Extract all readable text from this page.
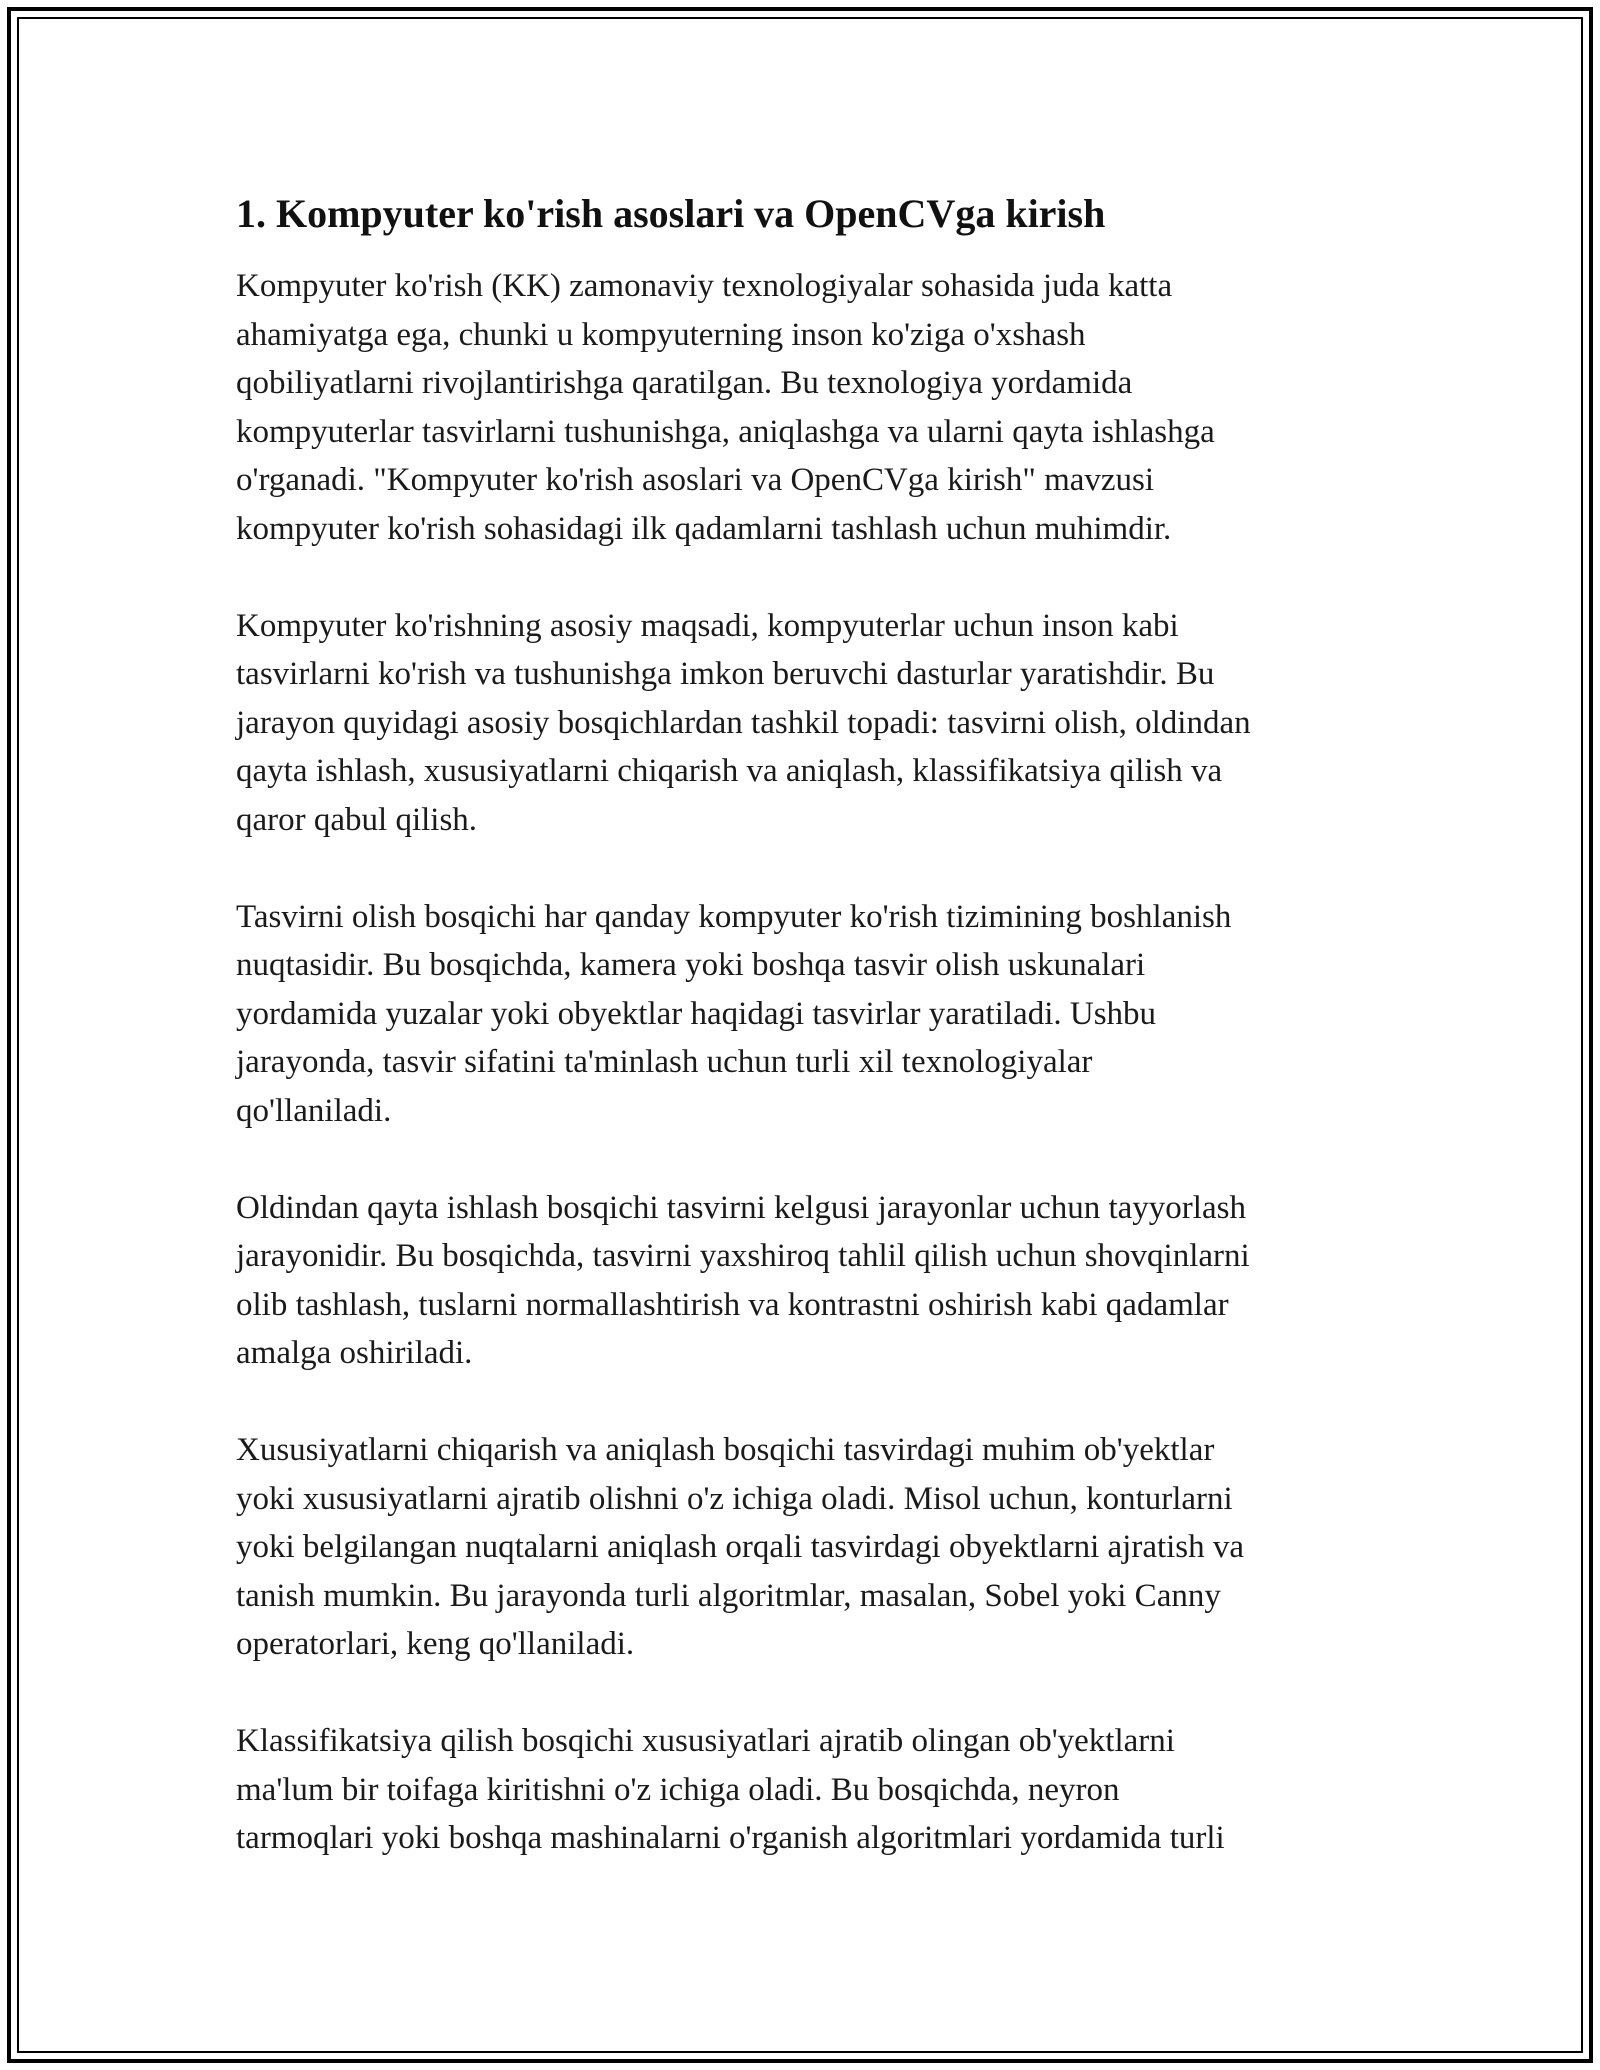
1. Kompyuter ko'rish asoslari va OpenCVga kirish

Kompyuter ko'rish (KK) zamonaviy texnologiyalar sohasida juda katta
ahamiyatga ega, chunki u kompyuterning inson ko'ziga o'xshash
qobiliyatlarni rivojlantirishga qaratilgan. Bu texnologiya yordamida
kompyuterlar tasvirlarni tushunishga, aniqlashga va ularni qayta ishlashga
o'rganadi. "Kompyuter ko'rish asoslari va OpenCVga kirish" mavzusi
kompyuter ko'rish sohasidagi ilk qadamlarni tashlash uchun muhimdir.

Kompyuter ko'rishning asosiy maqsadi, kompyuterlar uchun inson kabi
tasvirlarni ko'rish va tushunishga imkon beruvchi dasturlar yaratishdir. Bu
jarayon quyidagi asosiy bosqichlardan tashkil topadi: tasvirni olish, oldindan
qayta ishlash, xususiyatlarni chiqarish va aniqlash, klassifikatsiya qilish va
qaror qabul qilish.

Tasvirni olish bosqichi har qanday kompyuter ko'rish tizimining boshlanish
nuqtasidir. Bu bosqichda, kamera yoki boshqa tasvir olish uskunalari
yordamida yuzalar yoki obyektlar haqidagi tasvirlar yaratiladi. Ushbu
jarayonda, tasvir sifatini ta'minlash uchun turli xil texnologiyalar
qo'llaniladi.

Oldindan qayta ishlash bosqichi tasvirni kelgusi jarayonlar uchun tayyorlash
jarayonidir. Bu bosqichda, tasvirni yaxshiroq tahlil qilish uchun shovqinlarni
olib tashlash, tuslarni normallashtirish va kontrastni oshirish kabi qadamlar
amalga oshiriladi.

Xususiyatlarni chiqarish va aniqlash bosqichi tasvirdagi muhim ob'yektlar
yoki xususiyatlarni ajratib olishni o'z ichiga oladi. Misol uchun, konturlarni
yoki belgilangan nuqtalarni aniqlash orqali tasvirdagi obyektlarni ajratish va
tanish mumkin. Bu jarayonda turli algoritmlar, masalan, Sobel yoki Canny
operatorlari, keng qo'llaniladi.

Klassifikatsiya qilish bosqichi xususiyatlari ajratib olingan ob'yektlarni
ma'lum bir toifaga kiritishni o'z ichiga oladi. Bu bosqichda, neyron
tarmoqlari yoki boshqa mashinalarni o'rganish algoritmlari yordamida turli
